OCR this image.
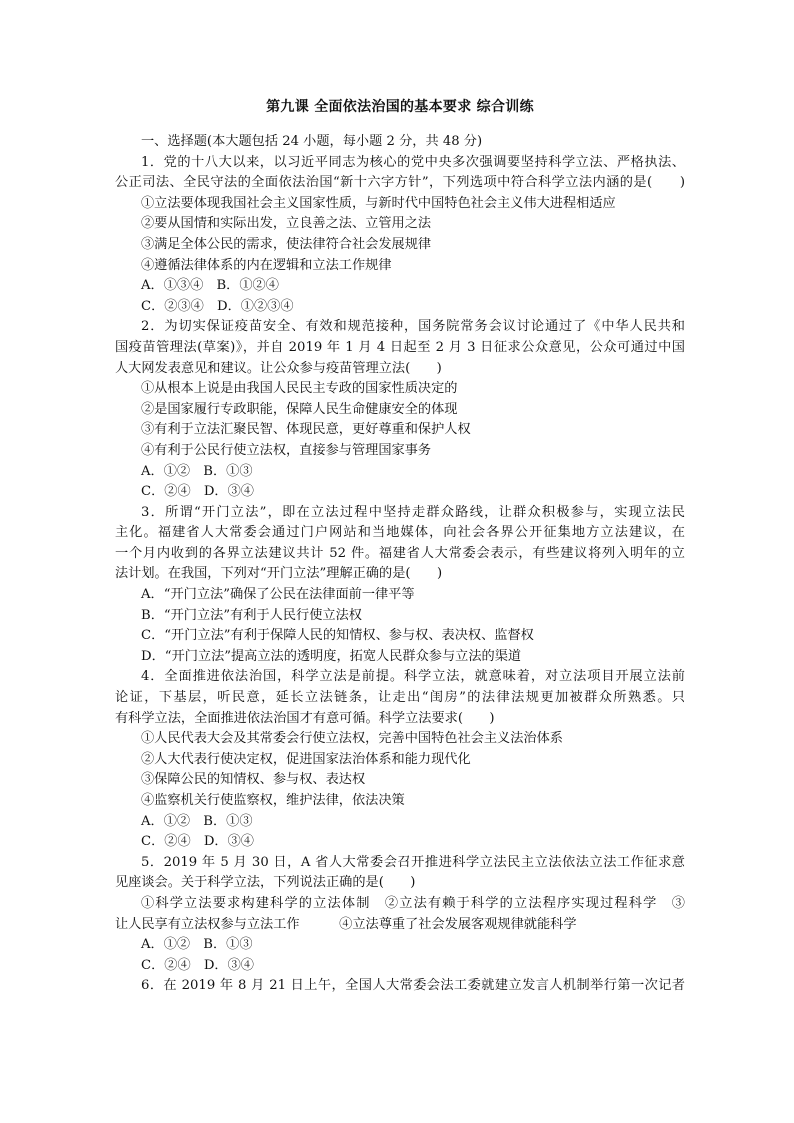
第九课 全面依法治国的基本要求 综合训练
一、选择题(本大题包括 24 小题，每小题 2 分，共 48 分)
1．党的十八大以来，以习近平同志为核心的党中央多次强调要坚持科学立法、严格执法、
公正司法、全民守法的全面依法治国“新十六字方针”，下列选项中符合科学立法内涵的是(　　)
①立法要体现我国社会主义国家性质，与新时代中国特色社会主义伟大进程相适应
②要从国情和实际出发，立良善之法、立管用之法
③满足全体公民的需求，使法律符合社会发展规律
④遵循法律体系的内在逻辑和立法工作规律
A．①③④　B．①②④
C．②③④　D．①②③④
2．为切实保证疫苗安全、有效和规范接种，国务院常务会议讨论通过了《中华人民共和
国疫苗管理法(草案)》，并自 2019 年 1 月 4 日起至 2 月 3 日征求公众意见，公众可通过中国
人大网发表意见和建议。让公众参与疫苗管理立法(　　)
①从根本上说是由我国人民民主专政的国家性质决定的
②是国家履行专政职能，保障人民生命健康安全的体现
③有利于立法汇聚民智、体现民意，更好尊重和保护人权
④有利于公民行使立法权，直接参与管理国家事务
A．①②　B．①③
C．②④　D．③④
3．所谓“开门立法”，即在立法过程中坚持走群众路线，让群众积极参与，实现立法民
主化。福建省人大常委会通过门户网站和当地媒体，向社会各界公开征集地方立法建议，在
一个月内收到的各界立法建议共计 52 件。福建省人大常委会表示，有些建议将列入明年的立
法计划。在我国，下列对“开门立法”理解正确的是(　　)
A．“开门立法”确保了公民在法律面前一律平等
B．“开门立法”有利于人民行使立法权
C．“开门立法”有利于保障人民的知情权、参与权、表决权、监督权
D．“开门立法”提高立法的透明度，拓宽人民群众参与立法的渠道
4．全面推进依法治国，科学立法是前提。科学立法，就意味着，对立法项目开展立法前
论证，下基层，听民意，延长立法链条，让走出“闺房”的法律法规更加被群众所熟悉。只
有科学立法，全面推进依法治国才有意可循。科学立法要求(　　)
①人民代表大会及其常委会行使立法权，完善中国特色社会主义法治体系
②人大代表行使决定权，促进国家法治体系和能力现代化
③保障公民的知情权、参与权、表达权
④监察机关行使监察权，维护法律，依法决策
A．①②　B．①③
C．②④　D．③④
5．2019 年 5 月 30 日，A 省人大常委会召开推进科学立法民主立法依法立法工作征求意
见座谈会。关于科学立法，下列说法正确的是(　　)
①科学立法要求构建科学的立法体制　②立法有赖于科学的立法程序实现过程科学　③
让人民享有立法权参与立法工作　　　④立法尊重了社会发展客观规律就能科学
A．①②　B．①③
C．②④　D．③④
6．在 2019 年 8 月 21 日上午，全国人大常委会法工委就建立发言人机制举行第一次记者
